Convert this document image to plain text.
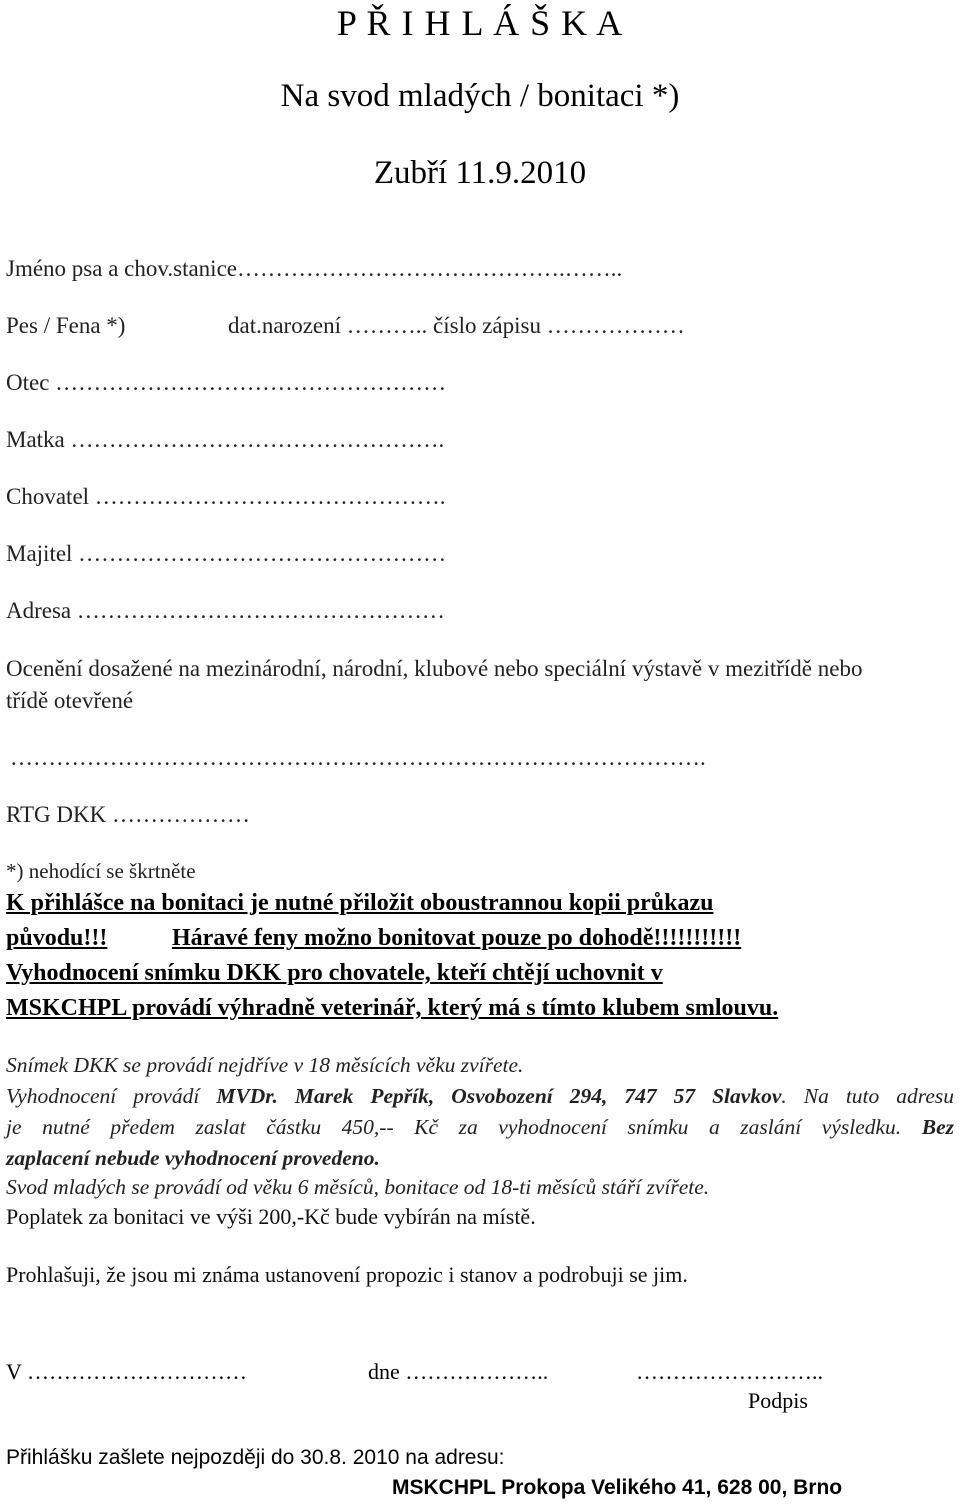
P Ř I H L Á Š K A
Na svod mladých / bonitaci *)
Zubří 11.9.2010
Jméno psa a chov.stanice…………………………………….……..
Pes / Fena *)	dat.narození ……….. číslo zápisu ………………
Otec ……………………………………………
Matka ………………………………………….
Chovatel ……………………………………….
Majitel …………………………………………
Adresa …………………………………………
Ocenění dosažené na mezinárodní, národní, klubové nebo speciální výstavě v mezitřídě nebo
třídě otevřené
……………………………………………………………………………….
RTG DKK ………………
*) nehodící se škrtněte
K přihlášce na bonitaci je nutné přiložit oboustrannou kopii průkazu
původu!!!	Háravé feny možno bonitovat pouze po dohodě!!!!!!!!!!!
Vyhodnocení snímku DKK pro chovatele, kteří chtějí uchovnit v
MSKCHPL provádí výhradně veterinář, který má s tímto klubem smlouvu.
Snímek DKK se provádí nejdříve v 18 měsících věku zvířete.
Vyhodnocení provádí MVDr. Marek Pepřík, Osvobození 294, 747 57 Slavkov. Na tuto adresu
je nutné předem zaslat částku 450,-- Kč za vyhodnocení snímku a zaslání výsledku. Bez
zaplacení nebude vyhodnocení provedeno.
Svod mladých se provádí od věku 6 měsíců, bonitace od 18-ti měsíců stáří zvířete.
Poplatek za bonitaci ve výši 200,-Kč bude vybírán na místě.
Prohlašuji, že jsou mi známa ustanovení propozic i stanov a podrobuji se jim.
V …………………………	dne ………………..	……………………..
Podpis
Přihlášku zašlete nejpozději do 30.8. 2010 na adresu:
MSKCHPL Prokopa Velikého 41, 628 00, Brno
